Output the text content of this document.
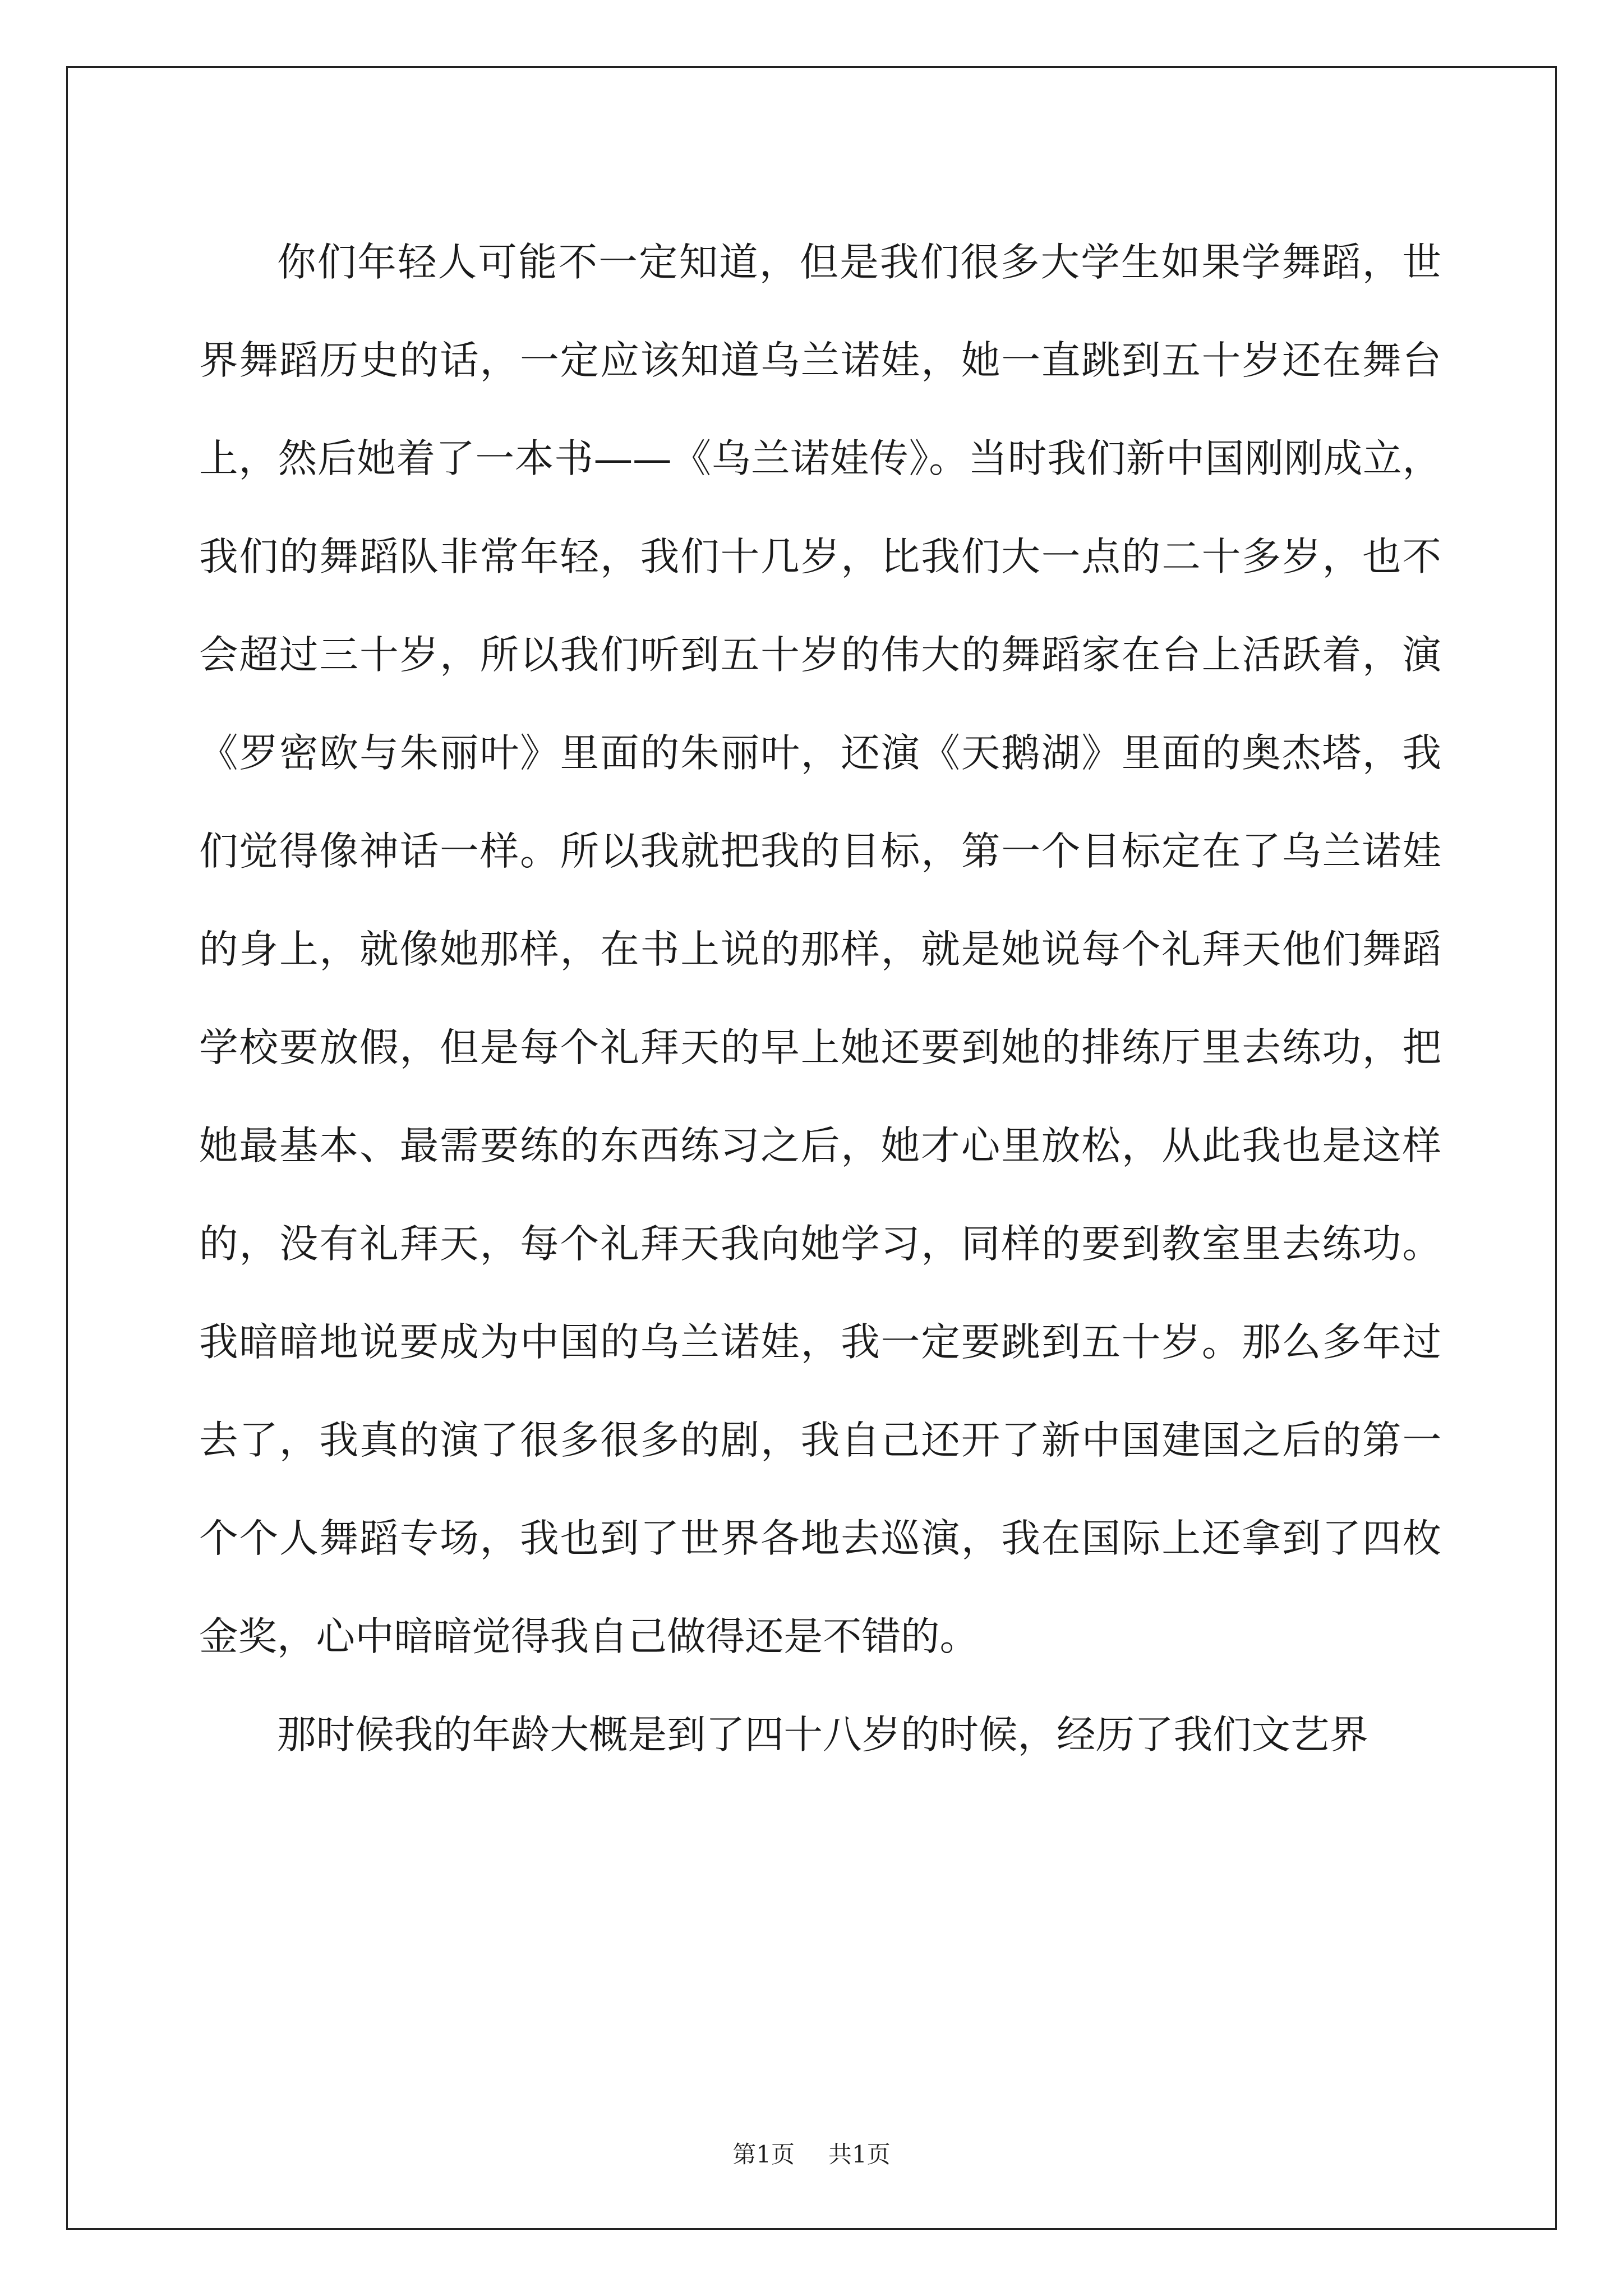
你们年轻人可能不一定知道，但是我们很多大学生如果学舞蹈，世界舞蹈历史的话，一定应该知道乌兰诺娃，她一直跳到五十岁还在舞台上，然后她着了一本书——《乌兰诺娃传》。当时我们新中国刚刚成立，我们的舞蹈队非常年轻，我们十几岁，比我们大一点的二十多岁，也不会超过三十岁，所以我们听到五十岁的伟大的舞蹈家在台上活跃着，演《罗密欧与朱丽叶》里面的朱丽叶，还演《天鹅湖》里面的奥杰塔，我们觉得像神话一样。所以我就把我的目标，第一个目标定在了乌兰诺娃的身上，就像她那样，在书上说的那样，就是她说每个礼拜天他们舞蹈学校要放假，但是每个礼拜天的早上她还要到她的排练厅里去练功，把她最基本、最需要练的东西练习之后，她才心里放松，从此我也是这样的，没有礼拜天，每个礼拜天我向她学习，同样的要到教室里去练功。我暗暗地说要成为中国的乌兰诺娃，我一定要跳到五十岁。那么多年过去了，我真的演了很多很多的剧，我自己还开了新中国建国之后的第一个个人舞蹈专场，我也到了世界各地去巡演，我在国际上还拿到了四枚金奖，心中暗暗觉得我自己做得还是不错的。

那时候我的年龄大概是到了四十八岁的时候，经历了我们文艺界

第1页 共1页
